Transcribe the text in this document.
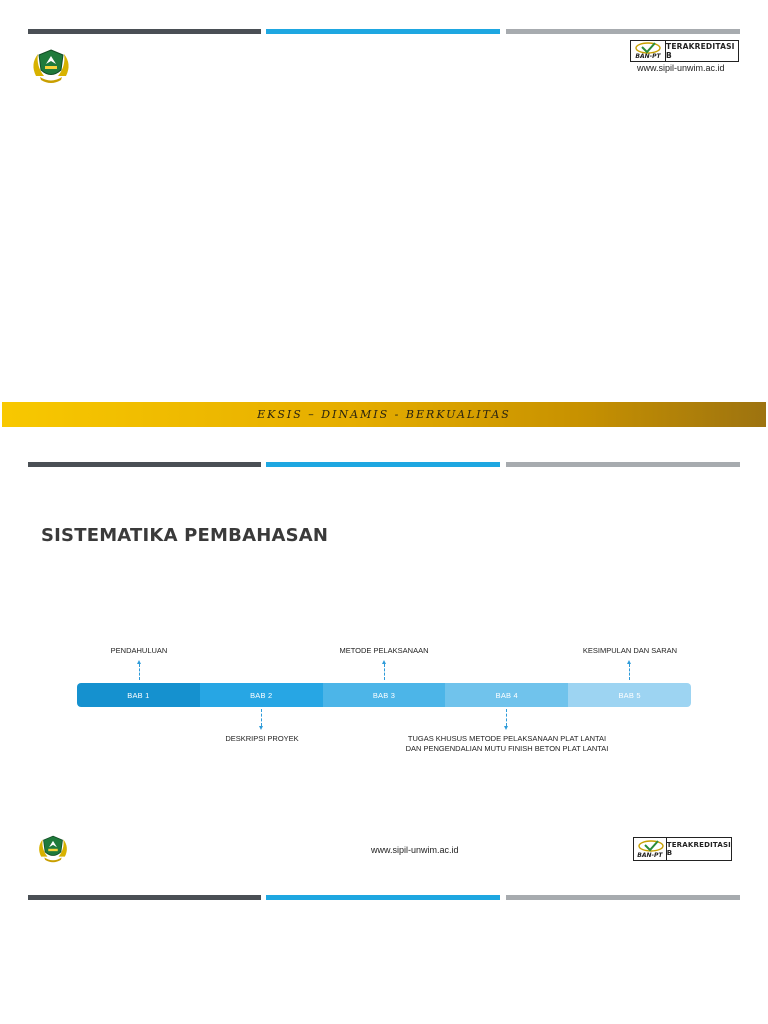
BAN-PT
TERAKREDITASI B
www.sipil-unwim.ac.id
EKSIS – DINAMIS - BERKUALITAS
SISTEMATIKA PEMBAHASAN
PENDAHULUAN	METODE PELAKSANAAN	KESIMPULAN DAN SARAN
BAB 1	BAB 2	BAB 3	BAB 4	BAB 5
DESKRIPSI PROYEK	TUGAS KHUSUS METODE PELAKSANAAN PLAT LANTAI DAN PENGENDALIAN MUTU FINISH BETON PLAT LANTAI
www.sipil-unwim.ac.id
BAN-PT
TERAKREDITASI B
